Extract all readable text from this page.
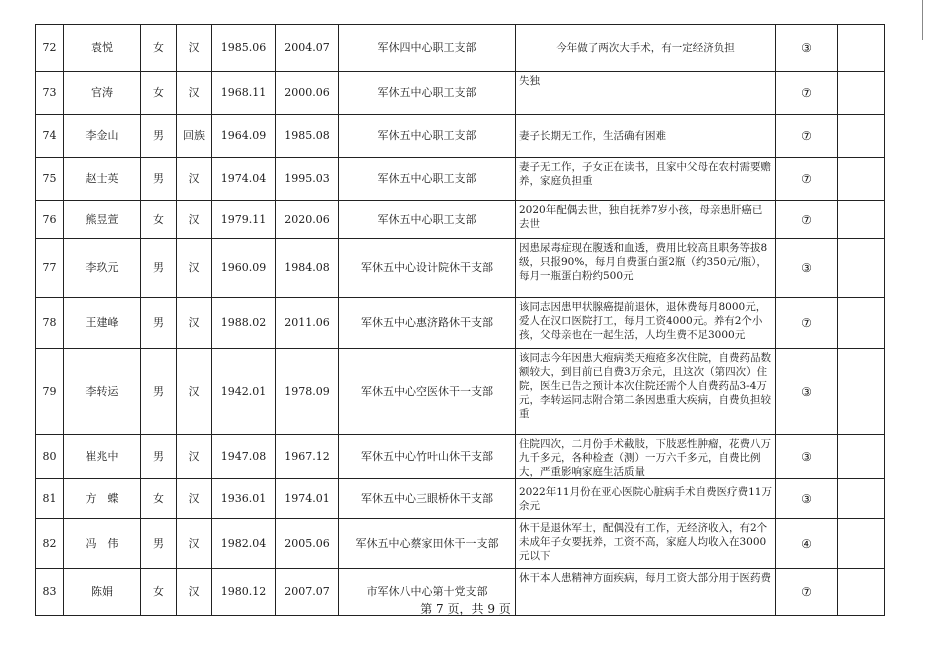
72	袁悦	女	汉	1985.06	2004.07	军休四中心职工支部	今年做了两次大手术，有一定经济负担	③	
73	官涛	女	汉	1968.11	2000.06	军休五中心职工支部	失独	⑦	
74	李金山	男	回族	1964.09	1985.08	军休五中心职工支部	妻子长期无工作，生活确有困难	⑦	
75	赵士英	男	汉	1974.04	1995.03	军休五中心职工支部	妻子无工作，子女正在读书，且家中父母在农村需要赡养，家庭负担重	⑦	
76	熊昱萱	女	汉	1979.11	2020.06	军休五中心职工支部	2020年配偶去世，独自抚养7岁小孩，母亲患肝癌已去世	⑦	
77	李玖元	男	汉	1960.09	1984.08	军休五中心设计院休干支部	因患尿毒症现在腹透和血透，费用比较高且职务等拔8级，只报90%，每月自费蛋白蛋2瓶（约350元/瓶），每月一瓶蛋白粉约500元	③	
78	王建峰	男	汉	1988.02	2011.06	军休五中心惠济路休干支部	该同志因患甲状腺癌提前退休，退休费每月8000元，爱人在汉口医院打工，每月工资4000元。养有2个小孩，父母亲也在一起生活，人均生费不足3000元	⑦	
79	李转运	男	汉	1942.01	1978.09	军休五中心空医休干一支部	该同志今年因患大疱病类天疱疮多次住院，自费药品数额较大，到目前已自费3万余元，且这次（第四次）住院，医生已告之预计本次住院还需个人自费药品3-4万元，李转运同志附合第二条因患重大疾病，自费负担较重	③	
80	崔兆中	男	汉	1947.08	1967.12	军休五中心竹叶山休干支部	住院四次，二月份手术截肢，下肢恶性肿瘤，花费八万九千多元，各种检查（测）一万六千多元，自费比例大，严重影响家庭生活质量	③	
81	方　蝶	女	汉	1936.01	1974.01	军休五中心三眼桥休干支部	2022年11月份在亚心医院心脏病手术自费医疗费11万余元	③	
82	冯　伟	男	汉	1982.04	2005.06	军休五中心蔡家田休干一支部	休干是退休军士，配偶没有工作，无经济收入，有2个未成年子女要抚养，工资不高，家庭人均收入在3000元以下	④	
83	陈娟	女	汉	1980.12	2007.07	市军休八中心第十党支部	休干本人患精神方面疾病，每月工资大部分用于医药费	⑦	
第 7 页，共 9 页
